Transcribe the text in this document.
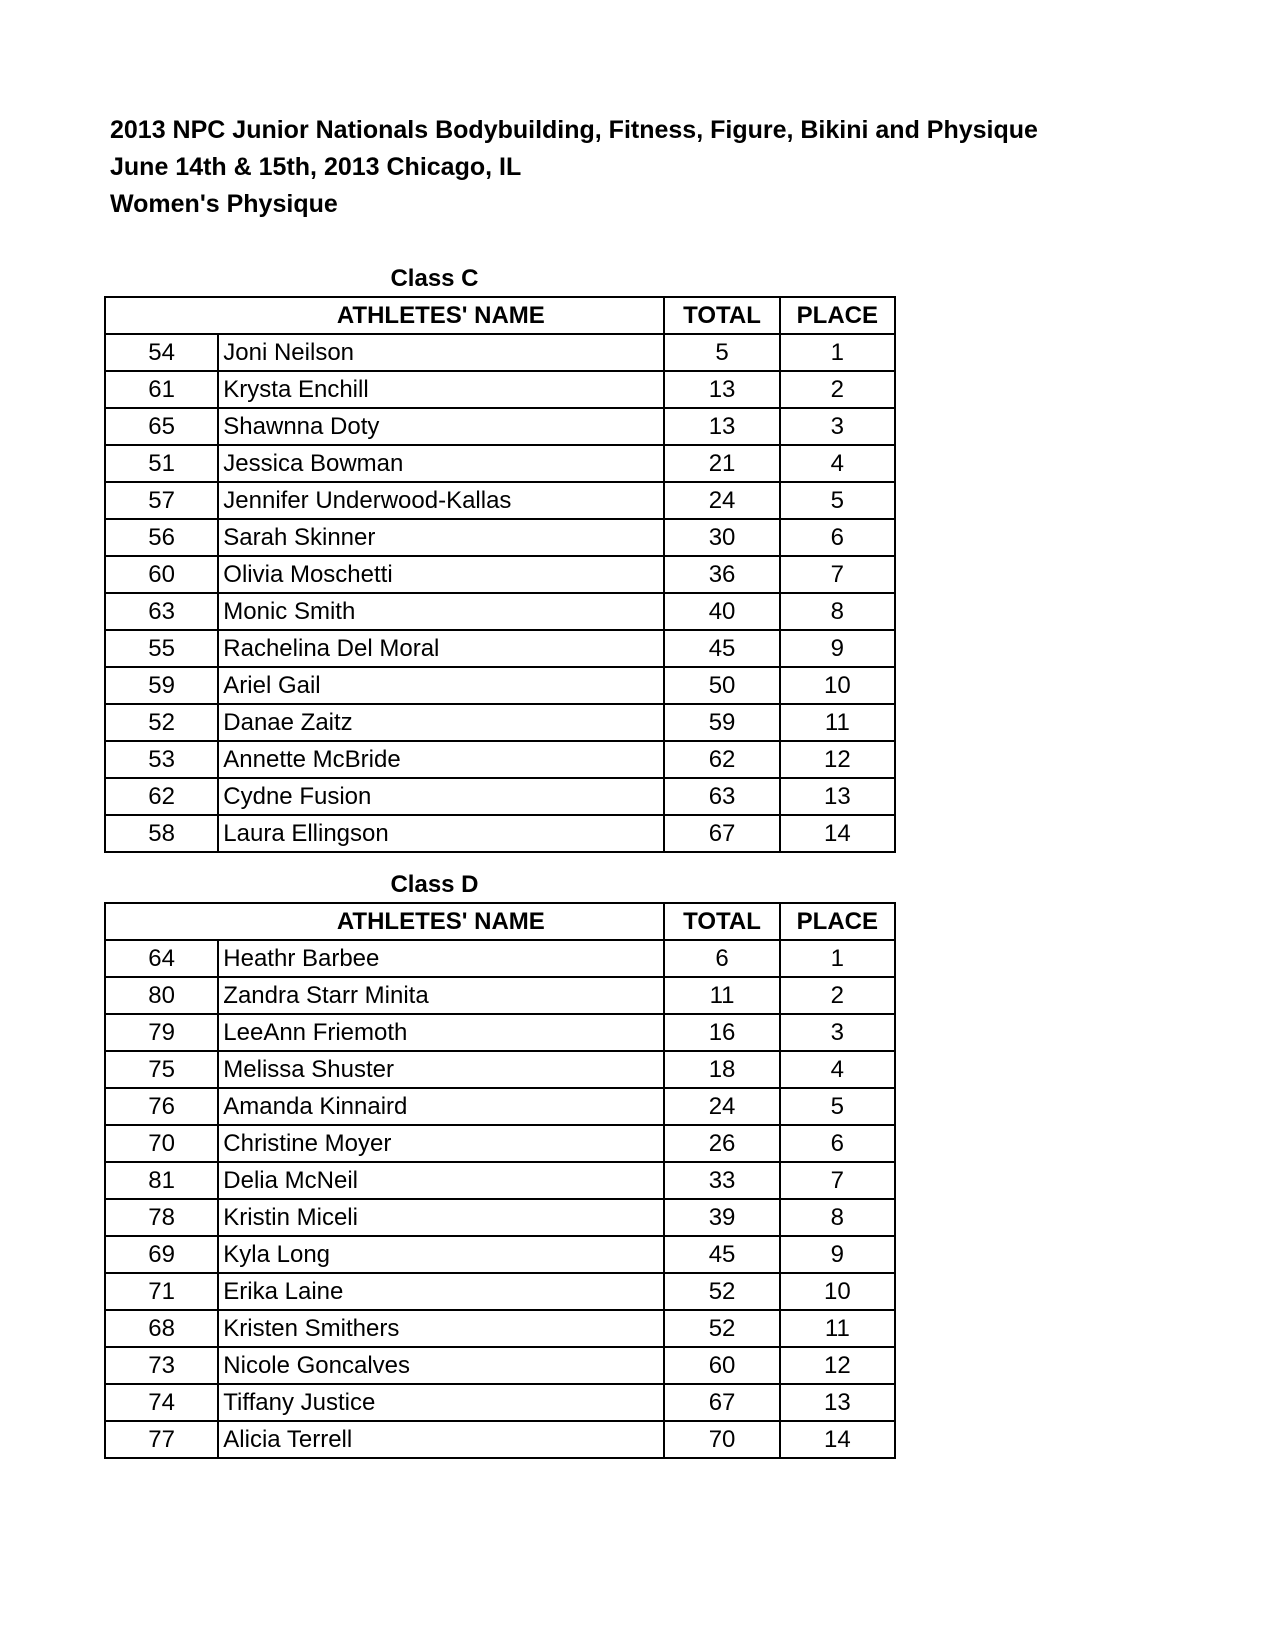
2013 NPC Junior Nationals Bodybuilding, Fitness, Figure, Bikini and Physique
June 14th & 15th, 2013 Chicago, IL
Women's Physique
Class C
	ATHLETES' NAME	TOTAL	PLACE
54	Joni Neilson	5	1
61	Krysta Enchill	13	2
65	Shawnna Doty	13	3
51	Jessica Bowman	21	4
57	Jennifer Underwood-Kallas	24	5
56	Sarah Skinner	30	6
60	Olivia Moschetti	36	7
63	Monic Smith	40	8
55	Rachelina Del Moral	45	9
59	Ariel Gail	50	10
52	Danae Zaitz	59	11
53	Annette McBride	62	12
62	Cydne Fusion	63	13
58	Laura Ellingson	67	14
Class D
	ATHLETES' NAME	TOTAL	PLACE
64	Heathr Barbee	6	1
80	Zandra Starr Minita	11	2
79	LeeAnn Friemoth	16	3
75	Melissa Shuster	18	4
76	Amanda Kinnaird	24	5
70	Christine Moyer	26	6
81	Delia McNeil	33	7
78	Kristin Miceli	39	8
69	Kyla Long	45	9
71	Erika Laine	52	10
68	Kristen Smithers	52	11
73	Nicole Goncalves	60	12
74	Tiffany Justice	67	13
77	Alicia Terrell	70	14
